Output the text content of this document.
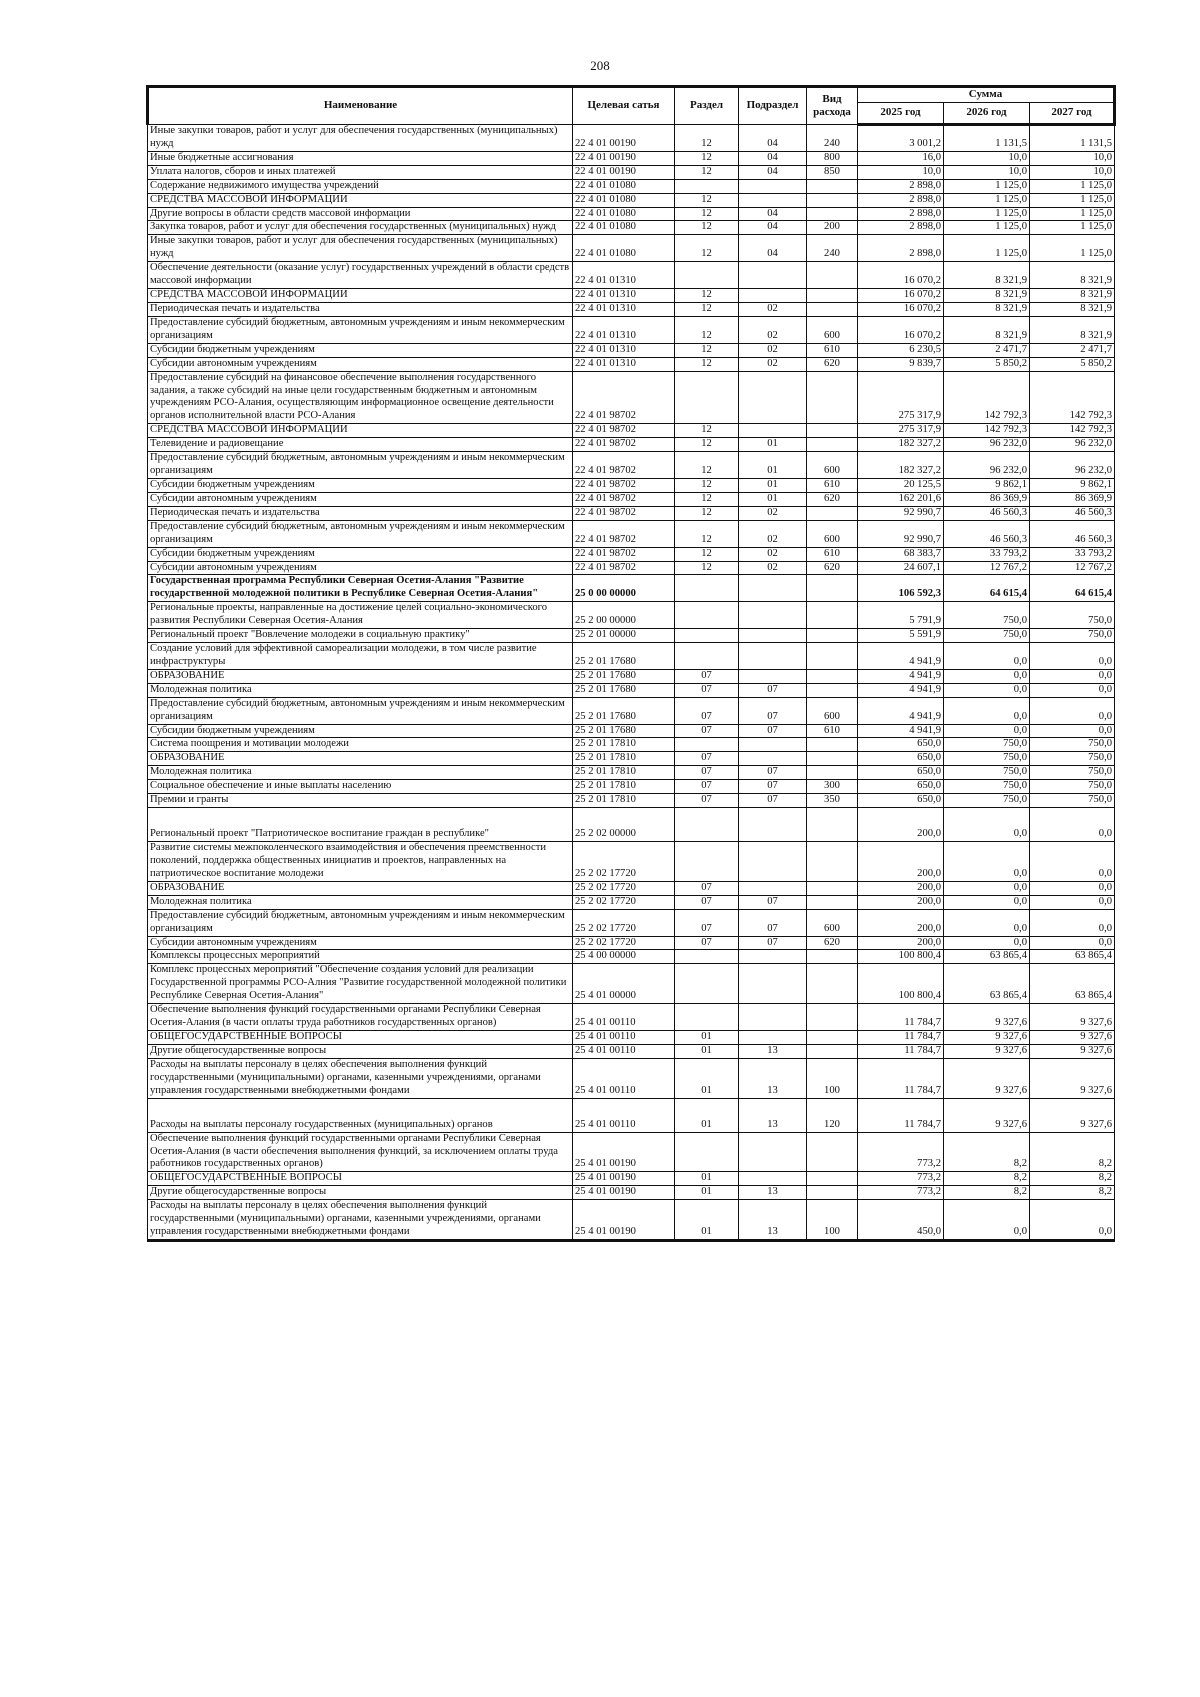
208
Наименование	Целевая сатья	Раздел	Подраздел	Вид расхода	Сумма		
					2025 год	2026 год	2027 год
Иные закупки товаров, работ и услуг для обеспечения государственных (муниципальных) нужд	22 4 01 00190	12	04	240	3 001,2	1 131,5	1 131,5
Иные бюджетные ассигнования	22 4 01 00190	12	04	800	16,0	10,0	10,0
Уплата налогов, сборов и иных платежей	22 4 01 00190	12	04	850	10,0	10,0	10,0
Содержание недвижимого имущества учреждений	22 4 01 01080				2 898,0	1 125,0	1 125,0
СРЕДСТВА МАССОВОЙ ИНФОРМАЦИИ	22 4 01 01080	12			2 898,0	1 125,0	1 125,0
Другие вопросы в области средств массовой информации	22 4 01 01080	12	04		2 898,0	1 125,0	1 125,0
Закупка товаров, работ и услуг для обеспечения государственных (муниципальных) нужд	22 4 01 01080	12	04	200	2 898,0	1 125,0	1 125,0
Иные закупки товаров, работ и услуг для обеспечения государственных (муниципальных) нужд	22 4 01 01080	12	04	240	2 898,0	1 125,0	1 125,0
Обеспечение деятельности (оказание услуг) государственных учреждений в области средств массовой информации	22 4 01 01310				16 070,2	8 321,9	8 321,9
СРЕДСТВА МАССОВОЙ ИНФОРМАЦИИ	22 4 01 01310	12			16 070,2	8 321,9	8 321,9
Периодическая печать и издательства	22 4 01 01310	12	02		16 070,2	8 321,9	8 321,9
Предоставление субсидий бюджетным, автономным учреждениям и иным некоммерческим организациям	22 4 01 01310	12	02	600	16 070,2	8 321,9	8 321,9
Субсидии бюджетным учреждениям	22 4 01 01310	12	02	610	6 230,5	2 471,7	2 471,7
Субсидии автономным учреждениям	22 4 01 01310	12	02	620	9 839,7	5 850,2	5 850,2
Предоставление субсидий на финансовое обеспечение выполнения государственного задания, а также субсидий на иные цели государственным бюджетным и автономным учреждениям РСО-Алания, осуществляющим информационное освещение деятельности органов исполнительной власти РСО-Алания	22 4 01 98702				275 317,9	142 792,3	142 792,3
СРЕДСТВА МАССОВОЙ ИНФОРМАЦИИ	22 4 01 98702	12			275 317,9	142 792,3	142 792,3
Телевидение и радиовещание	22 4 01 98702	12	01		182 327,2	96 232,0	96 232,0
Предоставление субсидий бюджетным, автономным учреждениям и иным некоммерческим организациям	22 4 01 98702	12	01	600	182 327,2	96 232,0	96 232,0
Субсидии бюджетным учреждениям	22 4 01 98702	12	01	610	20 125,5	9 862,1	9 862,1
Субсидии автономным учреждениям	22 4 01 98702	12	01	620	162 201,6	86 369,9	86 369,9
Периодическая печать и издательства	22 4 01 98702	12	02		92 990,7	46 560,3	46 560,3
Предоставление субсидий бюджетным, автономным учреждениям и иным некоммерческим организациям	22 4 01 98702	12	02	600	92 990,7	46 560,3	46 560,3
Субсидии бюджетным учреждениям	22 4 01 98702	12	02	610	68 383,7	33 793,2	33 793,2
Субсидии автономным учреждениям	22 4 01 98702	12	02	620	24 607,1	12 767,2	12 767,2
Государственная программа Республики Северная Осетия-Алания "Развитие государственной молодежной политики в Республике Северная Осетия-Алания"	25 0 00 00000				106 592,3	64 615,4	64 615,4
Региональные проекты, направленные на достижение целей социально-экономического развития Республики Северная Осетия-Алания	25 2 00 00000				5 791,9	750,0	750,0
Региональный проект "Вовлечение молодежи в социальную практику"	25 2 01 00000				5 591,9	750,0	750,0
Создание условий для эффективной самореализации молодежи, в том числе развитие инфраструктуры	25 2 01 17680				4 941,9	0,0	0,0
ОБРАЗОВАНИЕ	25 2 01 17680	07			4 941,9	0,0	0,0
Молодежная политика	25 2 01 17680	07	07		4 941,9	0,0	0,0
Предоставление субсидий бюджетным, автономным учреждениям и иным некоммерческим организациям	25 2 01 17680	07	07	600	4 941,9	0,0	0,0
Субсидии бюджетным учреждениям	25 2 01 17680	07	07	610	4 941,9	0,0	0,0
Система поощрения и мотивации молодежи	25 2 01 17810				650,0	750,0	750,0
ОБРАЗОВАНИЕ	25 2 01 17810	07			650,0	750,0	750,0
Молодежная политика	25 2 01 17810	07	07		650,0	750,0	750,0
Социальное обеспечение и иные выплаты населению	25 2 01 17810	07	07	300	650,0	750,0	750,0
Премии и гранты	25 2 01 17810	07	07	350	650,0	750,0	750,0
Региональный проект "Патриотическое воспитание граждан в республике"	25 2 02 00000				200,0	0,0	0,0
Развитие системы межпоколенческого взаимодействия и обеспечения преемственности поколений, поддержка общественных инициатив и проектов, направленных на патриотическое воспитание молодежи	25 2 02 17720				200,0	0,0	0,0
ОБРАЗОВАНИЕ	25 2 02 17720	07			200,0	0,0	0,0
Молодежная политика	25 2 02 17720	07	07		200,0	0,0	0,0
Предоставление субсидий бюджетным, автономным учреждениям и иным некоммерческим организациям	25 2 02 17720	07	07	600	200,0	0,0	0,0
Субсидии автономным учреждениям	25 2 02 17720	07	07	620	200,0	0,0	0,0
Комплексы процессных мероприятий	25 4 00 00000				100 800,4	63 865,4	63 865,4
Комплекс процессных мероприятий "Обеспечение создания условий для реализации Государственной программы РСО-Алния "Развитие государственной молодежной политики Республике Северная Осетия-Алания"	25 4 01 00000				100 800,4	63 865,4	63 865,4
Обеспечение выполнения функций государственными органами Республики Северная Осетия-Алания (в части оплаты труда работников государственных органов)	25 4 01 00110				11 784,7	9 327,6	9 327,6
ОБЩЕГОСУДАРСТВЕННЫЕ ВОПРОСЫ	25 4 01 00110	01			11 784,7	9 327,6	9 327,6
Другие общегосударственные вопросы	25 4 01 00110	01	13		11 784,7	9 327,6	9 327,6
Расходы на выплаты персоналу в целях обеспечения выполнения функций государственными (муниципальными) органами, казенными учреждениями, органами управления государственными внебюджетными фондами	25 4 01 00110	01	13	100	11 784,7	9 327,6	9 327,6
Расходы на выплаты персоналу государственных (муниципальных) органов	25 4 01 00110	01	13	120	11 784,7	9 327,6	9 327,6
Обеспечение выполнения функций государственными органами Республики Северная Осетия-Алания (в части обеспечения выполнения функций, за исключением оплаты труда работников государственных органов)	25 4 01 00190				773,2	8,2	8,2
ОБЩЕГОСУДАРСТВЕННЫЕ ВОПРОСЫ	25 4 01 00190	01			773,2	8,2	8,2
Другие общегосударственные вопросы	25 4 01 00190	01	13		773,2	8,2	8,2
Расходы на выплаты персоналу в целях обеспечения выполнения функций государственными (муниципальными) органами, казенными учреждениями, органами управления государственными внебюджетными фондами	25 4 01 00190	01	13	100	450,0	0,0	0,0
